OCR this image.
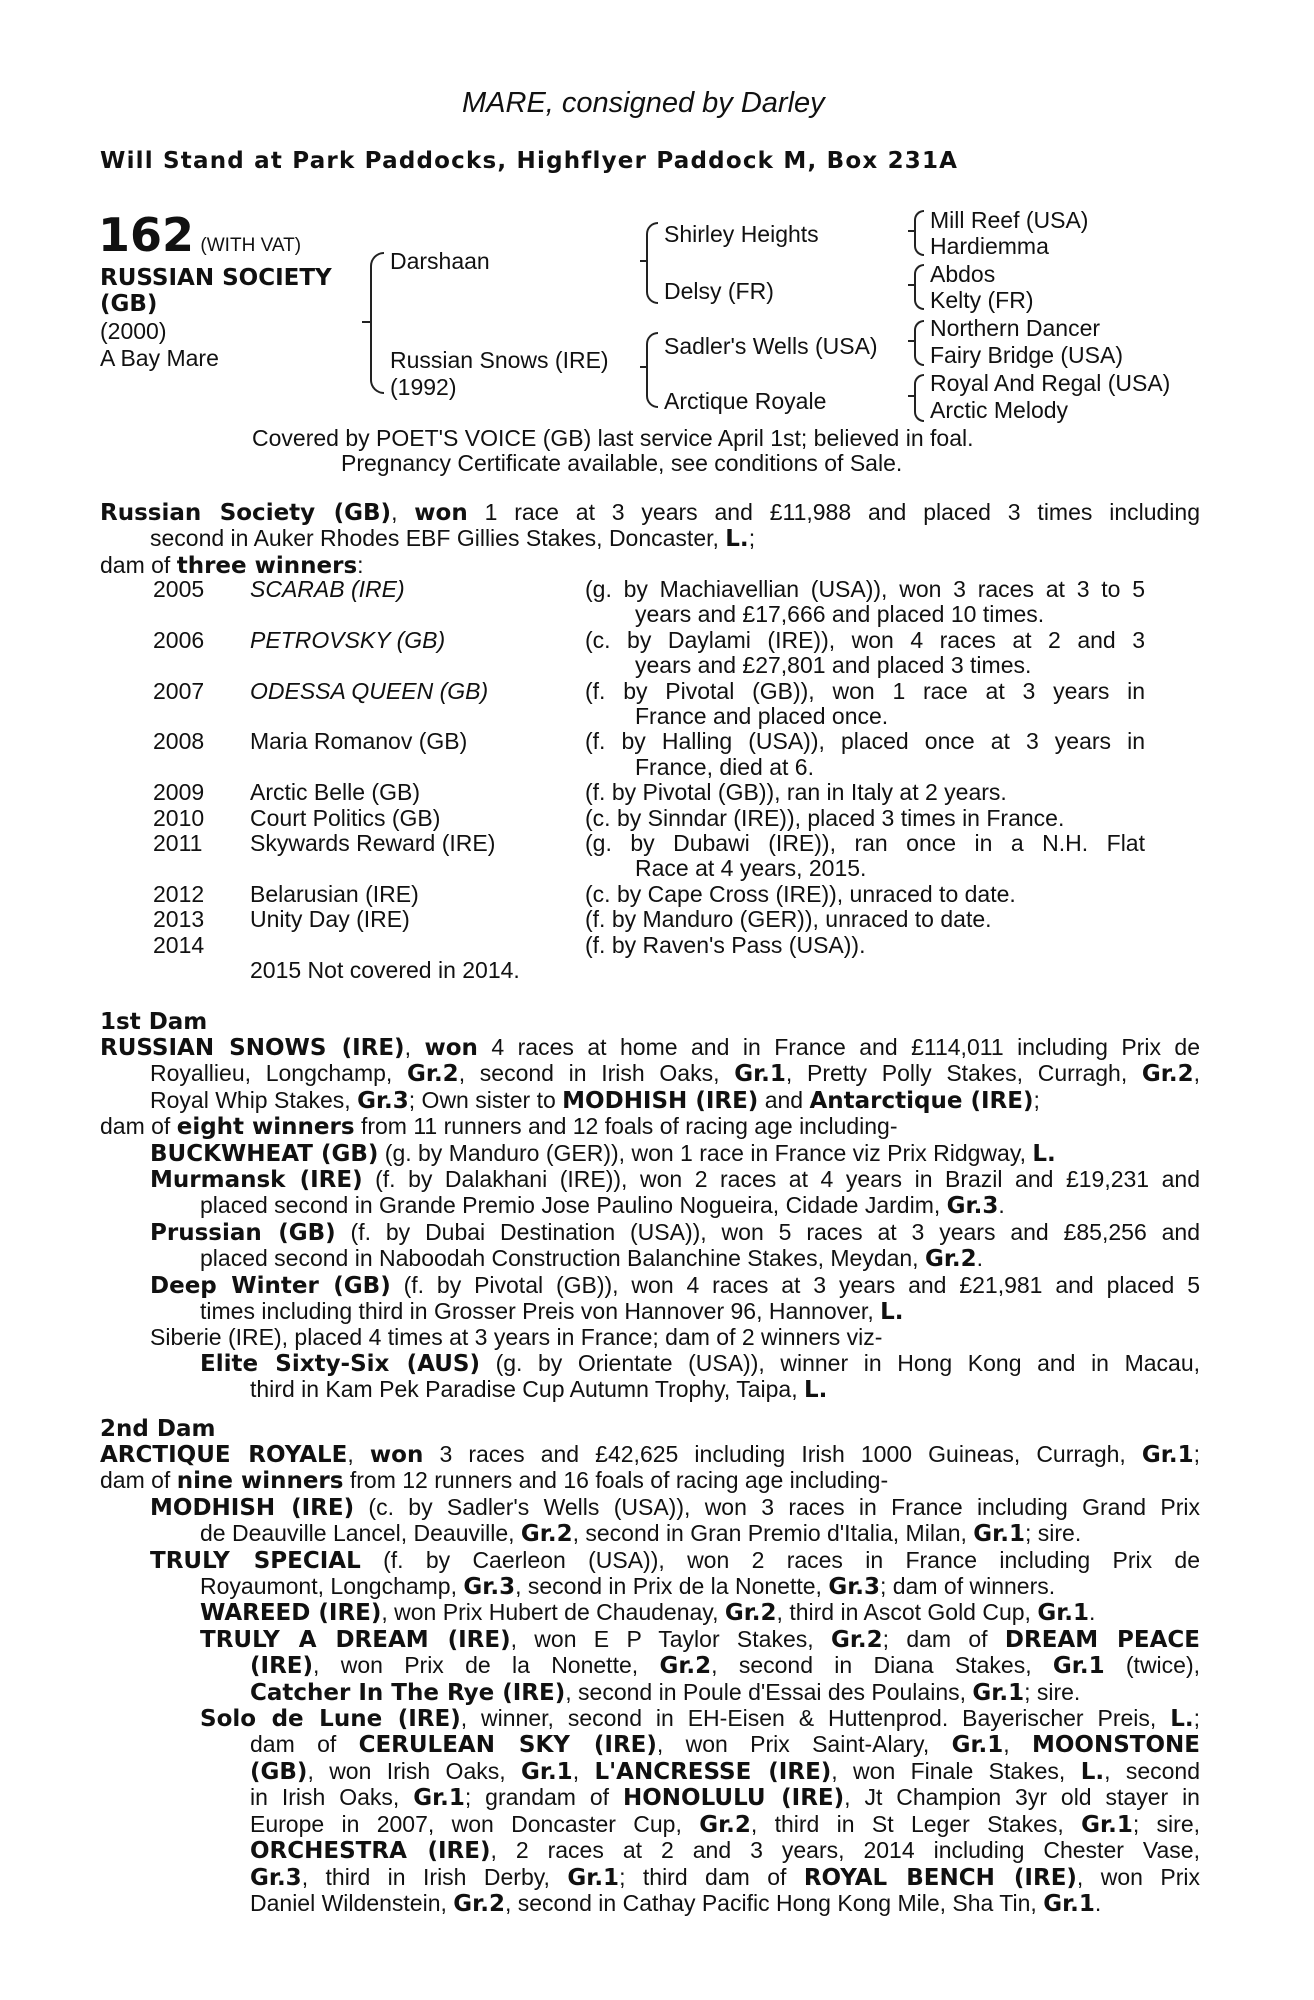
MARE, consigned by Darley
Will Stand at Park Paddocks, Highflyer Paddock M, Box 231A
162 (WITH VAT)
RUSSIAN SOCIETY
(GB)
(2000)
A Bay Mare
Darshaan
Russian Snows (IRE)
(1992)
Shirley Heights
Delsy (FR)
Sadler's Wells (USA)
Arctique Royale
Mill Reef (USA)
Hardiemma
Abdos
Kelty (FR)
Northern Dancer
Fairy Bridge (USA)
Royal And Regal (USA)
Arctic Melody
Covered by POET'S VOICE (GB) last service April 1st; believed in foal.
Pregnancy Certificate available, see conditions of Sale.
Russian Society (GB), won 1 race at 3 years and £11,988 and placed 3 times including
second in Auker Rhodes EBF Gillies Stakes, Doncaster, L.;
dam of three winners:
2005 SCARAB (IRE)	(g. by Machiavellian (USA)), won 3 races at 3 to 5
years and £17,666 and placed 10 times.
2006 PETROVSKY (GB)	(c. by Daylami (IRE)), won 4 races at 2 and 3
years and £27,801 and placed 3 times.
2007 ODESSA QUEEN (GB)	(f. by Pivotal (GB)), won 1 race at 3 years in
France and placed once.
2008 Maria Romanov (GB)	(f. by Halling (USA)), placed once at 3 years in
France, died at 6.
2009 Arctic Belle (GB)	(f. by Pivotal (GB)), ran in Italy at 2 years.
2010 Court Politics (GB)	(c. by Sinndar (IRE)), placed 3 times in France.
2011 Skywards Reward (IRE)	(g. by Dubawi (IRE)), ran once in a N.H. Flat
Race at 4 years, 2015.
2012 Belarusian (IRE)	(c. by Cape Cross (IRE)), unraced to date.
2013 Unity Day (IRE)	(f. by Manduro (GER)), unraced to date.
2014	(f. by Raven's Pass (USA)).
2015 Not covered in 2014.
1st Dam
RUSSIAN SNOWS (IRE), won 4 races at home and in France and £114,011 including Prix de
Royallieu, Longchamp, Gr.2, second in Irish Oaks, Gr.1, Pretty Polly Stakes, Curragh, Gr.2,
Royal Whip Stakes, Gr.3; Own sister to MODHISH (IRE) and Antarctique (IRE);
dam of eight winners from 11 runners and 12 foals of racing age including-
BUCKWHEAT (GB) (g. by Manduro (GER)), won 1 race in France viz Prix Ridgway, L.
Murmansk (IRE) (f. by Dalakhani (IRE)), won 2 races at 4 years in Brazil and £19,231 and
placed second in Grande Premio Jose Paulino Nogueira, Cidade Jardim, Gr.3.
Prussian (GB) (f. by Dubai Destination (USA)), won 5 races at 3 years and £85,256 and
placed second in Naboodah Construction Balanchine Stakes, Meydan, Gr.2.
Deep Winter (GB) (f. by Pivotal (GB)), won 4 races at 3 years and £21,981 and placed 5
times including third in Grosser Preis von Hannover 96, Hannover, L.
Siberie (IRE), placed 4 times at 3 years in France; dam of 2 winners viz-
Elite Sixty-Six (AUS) (g. by Orientate (USA)), winner in Hong Kong and in Macau,
third in Kam Pek Paradise Cup Autumn Trophy, Taipa, L.
2nd Dam
ARCTIQUE ROYALE, won 3 races and £42,625 including Irish 1000 Guineas, Curragh, Gr.1;
dam of nine winners from 12 runners and 16 foals of racing age including-
MODHISH (IRE) (c. by Sadler's Wells (USA)), won 3 races in France including Grand Prix
de Deauville Lancel, Deauville, Gr.2, second in Gran Premio d'Italia, Milan, Gr.1; sire.
TRULY SPECIAL (f. by Caerleon (USA)), won 2 races in France including Prix de
Royaumont, Longchamp, Gr.3, second in Prix de la Nonette, Gr.3; dam of winners.
WAREED (IRE), won Prix Hubert de Chaudenay, Gr.2, third in Ascot Gold Cup, Gr.1.
TRULY A DREAM (IRE), won E P Taylor Stakes, Gr.2; dam of DREAM PEACE
(IRE), won Prix de la Nonette, Gr.2, second in Diana Stakes, Gr.1 (twice),
Catcher In The Rye (IRE), second in Poule d'Essai des Poulains, Gr.1; sire.
Solo de Lune (IRE), winner, second in EH-Eisen & Huttenprod. Bayerischer Preis, L.;
dam of CERULEAN SKY (IRE), won Prix Saint-Alary, Gr.1, MOONSTONE
(GB), won Irish Oaks, Gr.1, L'ANCRESSE (IRE), won Finale Stakes, L., second
in Irish Oaks, Gr.1; grandam of HONOLULU (IRE), Jt Champion 3yr old stayer in
Europe in 2007, won Doncaster Cup, Gr.2, third in St Leger Stakes, Gr.1; sire,
ORCHESTRA (IRE), 2 races at 2 and 3 years, 2014 including Chester Vase,
Gr.3, third in Irish Derby, Gr.1; third dam of ROYAL BENCH (IRE), won Prix
Daniel Wildenstein, Gr.2, second in Cathay Pacific Hong Kong Mile, Sha Tin, Gr.1.
